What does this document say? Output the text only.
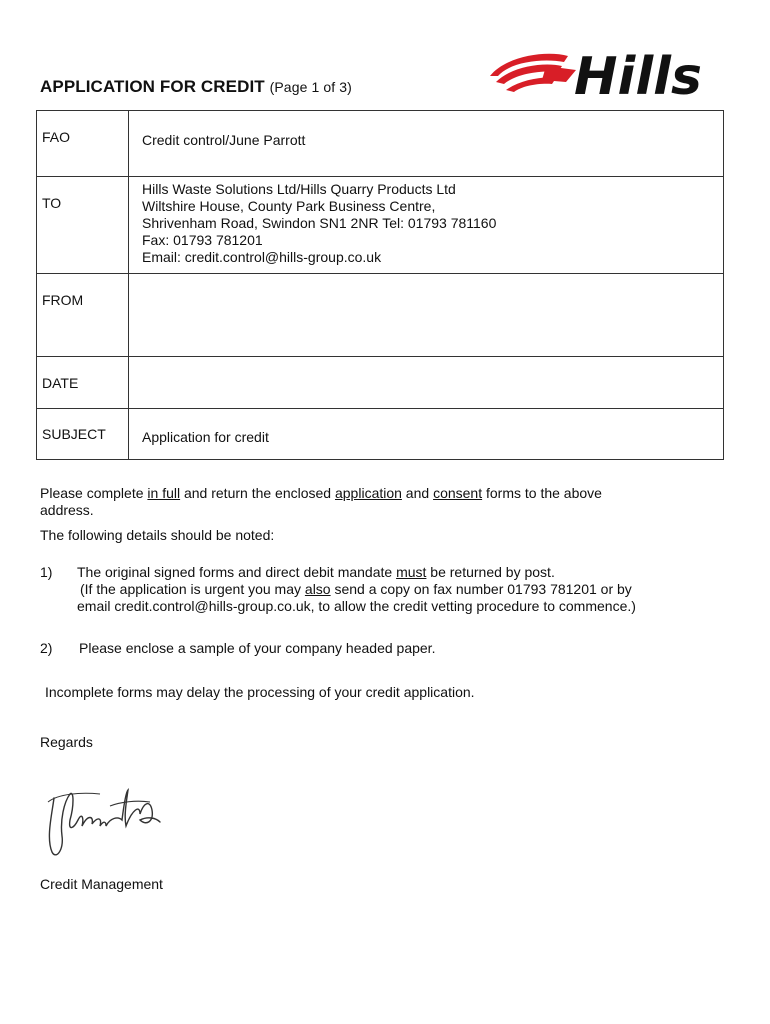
APPLICATION FOR CREDIT (Page 1 of 3)	Hills
FAO	Credit control/June Parrott

TO	Hills Waste Solutions Ltd/Hills Quarry Products Ltd
Wiltshire House, County Park Business Centre,
Shrivenham Road, Swindon SN1 2NR Tel: 01793 781160
Fax: 01793 781201
Email: credit.control@hills-group.co.uk

FROM	

DATE	

SUBJECT	Application for credit
Please complete in full and return the enclosed application and consent forms to the above
address.
The following details should be noted:
1) The original signed forms and direct debit mandate must be returned by post.
(If the application is urgent you may also send a copy on fax number 01793 781201 or by
email credit.control@hills-group.co.uk, to allow the credit vetting procedure to commence.)
2) Please enclose a sample of your company headed paper.
Incomplete forms may delay the processing of your credit application.
Regards
Credit Management
